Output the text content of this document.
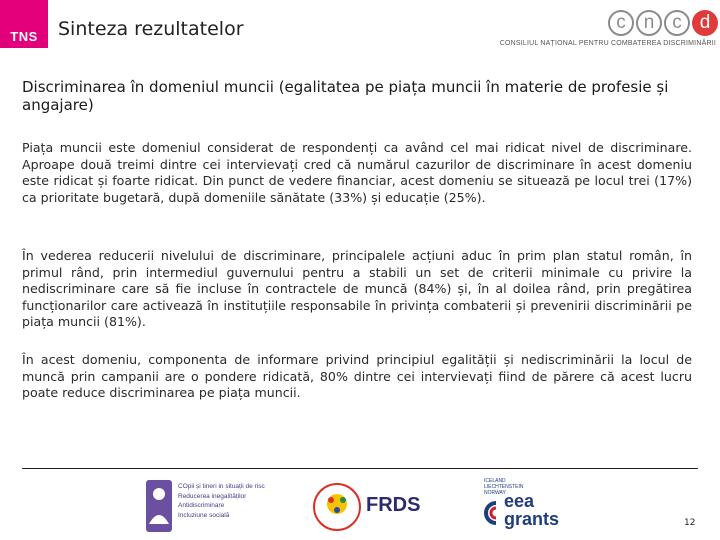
TNS Sinteza rezultatelor	c n c d
CONSILIUL NAȚIONAL PENTRU COMBATEREA DISCRIMINĂRII
Discriminarea în domeniul muncii (egalitatea pe piața muncii în materie de profesie și angajare)
Piața muncii este domeniul considerat de respondenți ca având cel mai ridicat nivel de discriminare. Aproape două treimi dintre cei intervievați cred că numărul cazurilor de discriminare în acest domeniu este ridicat și foarte ridicat. Din punct de vedere financiar, acest domeniu se situează pe locul trei (17%) ca prioritate bugetară, după domeniile sănătate (33%) și educație (25%).
În vederea reducerii nivelului de discriminare, principalele acțiuni aduc în prim plan statul român, în primul rând, prin intermediul guvernului pentru a stabili un set de criterii minimale cu privire la nediscriminare care să fie incluse în contractele de muncă (84%) și, în al doilea rând, prin pregătirea funcționarilor care activează în instituțiile responsabile în privința combaterii și prevenirii discriminării pe piața muncii (81%).
În acest domeniu, componenta de informare privind principiul egalității și nediscriminării la locul de muncă prin campanii are o pondere ridicată, 80% dintre cei intervievați fiind de părere că acest lucru poate reduce discriminarea pe piața muncii.
COpii și tineri in situații de risc
Reducerea inegalităților
Antidiscriminare
Incluziune socială	FRDS
ICELAND
LIECHTENSTEIN
NORWAY
eea
grants	12
